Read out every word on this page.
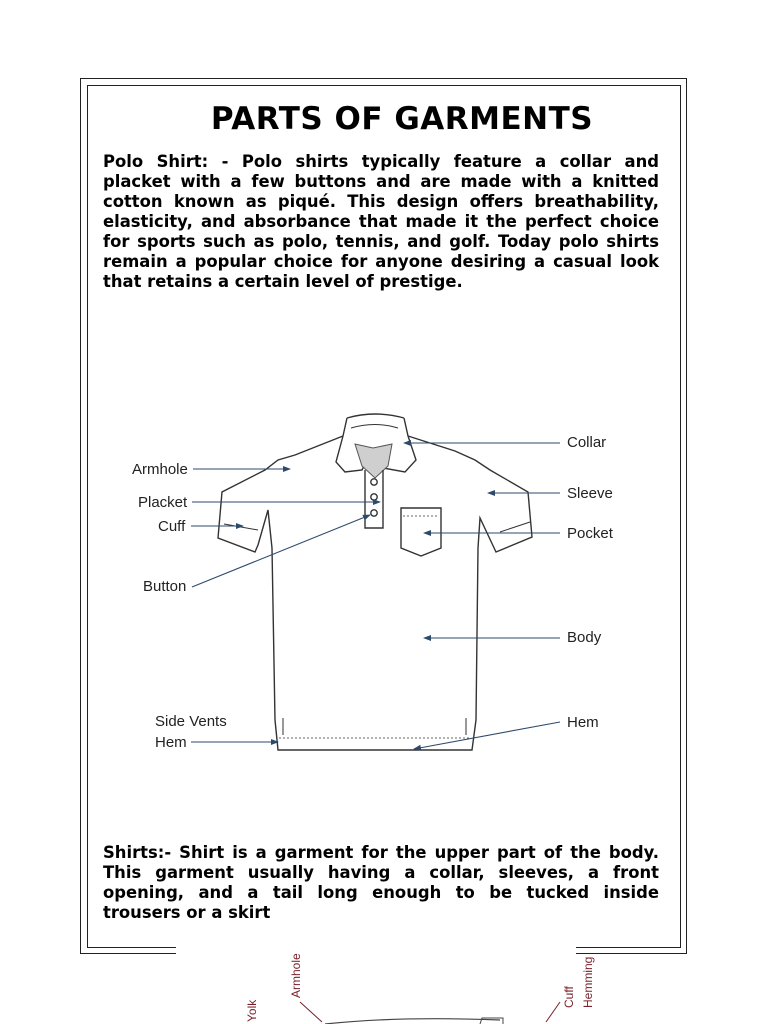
PARTS OF GARMENTS
Polo Shirt: - Polo shirts typically feature a collar and placket with a few buttons and are made with a knitted cotton known as piqué. This design offers breathability, elasticity, and absorbance that made it the perfect choice for sports such as polo, tennis, and golf. Today polo shirts remain a popular choice for anyone desiring a casual look that retains a certain level of prestige.
Armhole
Placket
Cuff
Button
Side Vents
Hem
Collar
Sleeve
Pocket
Body
Hem
Yolk
Armhole	Cuff Hemming
Shirts:- Shirt is a garment for the upper part of the body. This garment usually having a collar, sleeves, a front opening, and a tail long enough to be tucked inside trousers or a skirt
